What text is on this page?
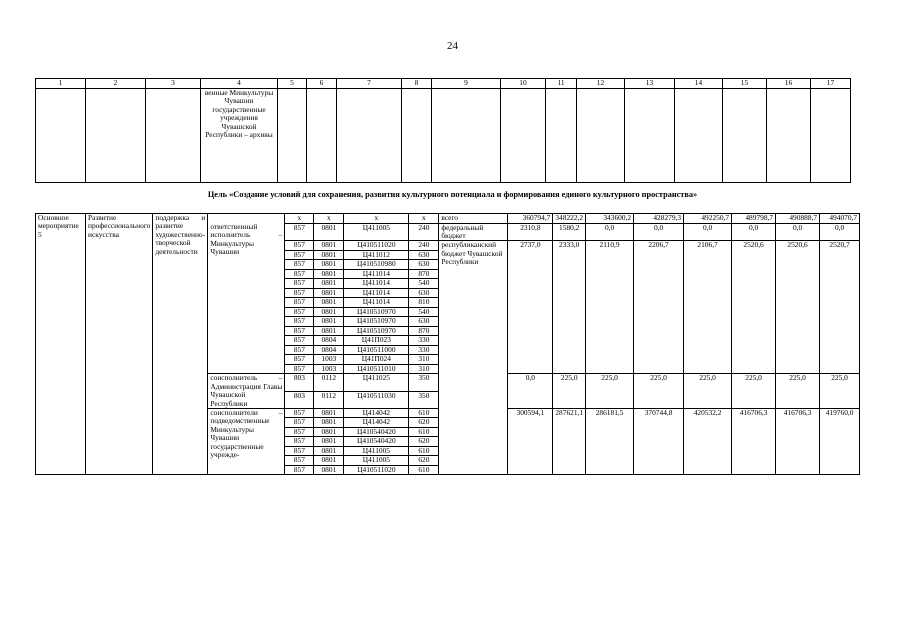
24
1	2	3	4	5	6	7	8	9	10	11	12	13	14	15	16	17
			венные Минкультуры Чувашии государственные учреждения Чувашской Республики – архивы													
Цель «Создание условий для сохранения, развития культурного потенциала и формирования единого культурного пространства»
Основное мероприятие 5	Развитие профессионального искусства	поддержка и развитие художественно-творческой деятельности		x	x	x	x	всего	360794,7	348222,2	343600,2	428279,3	492250,7	489798,7	490888,7	494070,7
			ответственный исполнитель – Минкультуры Чувашии	857	0801	Ц411005	240	федеральный бюджет	2310,8	1580,2	0,0	0,0	0,0	0,0	0,0	0,0
				857	0801	Ц410511020	240	республиканский бюджет Чувашской Республики	2737,0	2333,0	2110,9	2206,7	2106,7	2520,6	2520,6	2520,7
				857	0801	Ц411012	630									
				857	0801	Ц410510980	630									
				857	0801	Ц411014	870									
				857	0801	Ц411014	540									
				857	0801	Ц411014	630									
				857	0801	Ц411014	810									
				857	0801	Ц410510970	540									
				857	0801	Ц410510970	630									
				857	0801	Ц410510970	870									
				857	0804	Ц41П023	330									
				857	0804	Ц410511000	330									
				857	1003	Ц41П024	310									
				857	1003	Ц410511010	310									
			соисполнитель – Администрация Главы Чувашской Республики	803	0112	Ц411025	350		0,0	225,0	225,0	225,0	225,0	225,0	225,0	225,0
				803	0112	Ц410511030	350									
			соисполнители – подведомственные Минкультуры Чувашии государственные учрежде-	857	0801	Ц414042	610		300594,1	287621,1	286181,5	370744,8	420532,2	416706,3	416706,3	419760,0
				857	0801	Ц414042	620									
				857	0801	Ц410540420	610									
				857	0801	Ц410540420	620									
				857	0801	Ц411005	610									
				857	0801	Ц411005	620									
				857	0801	Ц410511020	610									
